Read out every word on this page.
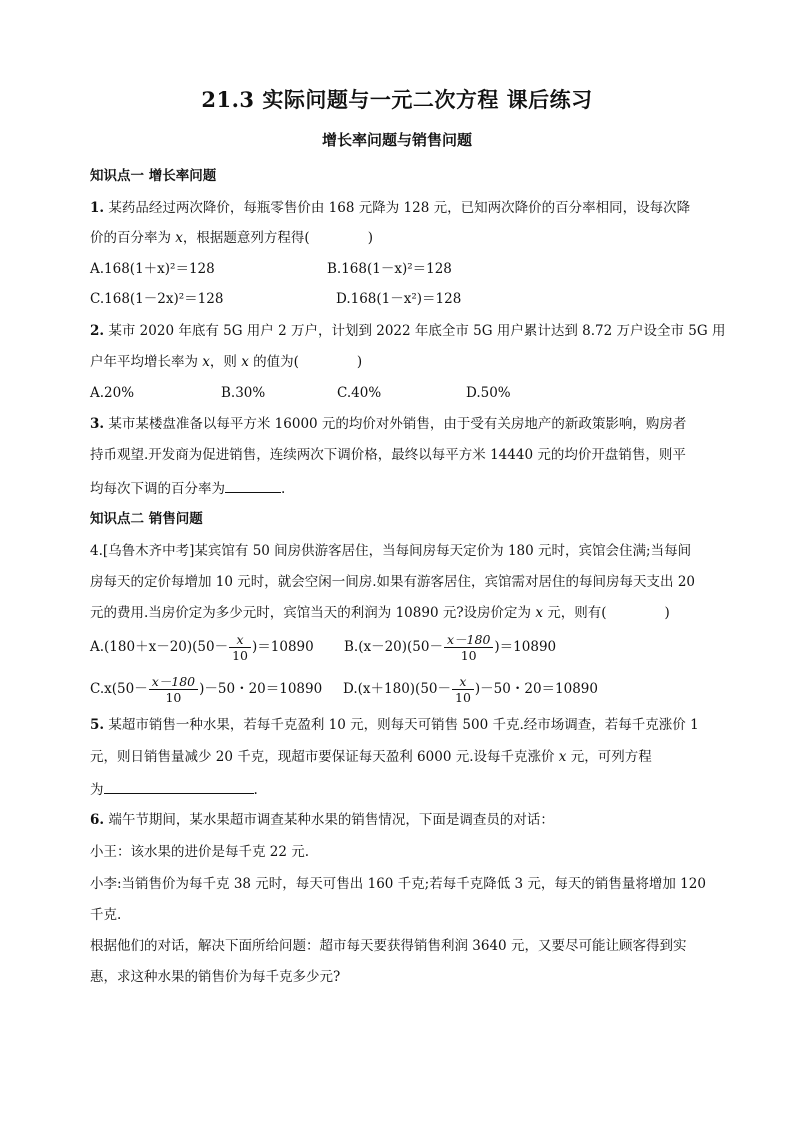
21.3 实际问题与一元二次方程 课后练习
增长率问题与销售问题
知识点一 增长率问题
1. 某药品经过两次降价，每瓶零售价由 168 元降为 128 元，已知两次降价的百分率相同，设每次降
价的百分率为 x，根据题意列方程得(	)
A.168(1＋x)²＝128	B.168(1－x)²＝128
C.168(1－2x)²＝128	D.168(1－x²)＝128
2. 某市 2020 年底有 5G 用户 2 万户，计划到 2022 年底全市 5G 用户累计达到 8.72 万户设全市 5G 用
户年平均增长率为 x，则 x 的值为(	)
A.20%	B.30%	C.40%	D.50%
3. 某市某楼盘准备以每平方米 16000 元的均价对外销售，由于受有关房地产的新政策影响，购房者
持币观望.开发商为促进销售，连续两次下调价格，最终以每平方米 14440 元的均价开盘销售，则平
均每次下调的百分率为	.
知识点二 销售问题
4.[乌鲁木齐中考]某宾馆有 50 间房供游客居住，当每间房每天定价为 180 元时，宾馆会住满;当每间
房每天的定价每增加 10 元时，就会空闲一间房.如果有游客居住，宾馆需对居住的每间房每天支出 20
元的费用.当房价定为多少元时，宾馆当天的利润为 10890 元?设房价定为 x 元，则有(	)
$A.(180+x-20)(50- \frac{x}{10} )=10890$ $B.(x-20)(50- \frac{x-180}{10} )=10890$
$C.x(50- \frac{x-180}{10} )-50$・20＝10890 $D.(x+180)(50- \frac{x}{10} )-50$・20＝10890
5. 某超市销售一种水果，若每千克盈利 10 元，则每天可销售 500 千克.经市场调查，若每千克涨价 1
元，则日销售量减少 20 千克，现超市要保证每天盈利 6000 元.设每千克涨价 x 元，可列方程
为	.
6. 端午节期间，某水果超市调查某种水果的销售情况，下面是调查员的对话：
小王：该水果的进价是每千克 22 元.
小李:当销售价为每千克 38 元时，每天可售出 160 千克;若每千克降低 3 元，每天的销售量将增加 120
千克.
根据他们的对话，解决下面所给问题：超市每天要获得销售利润 3640 元，又要尽可能让顾客得到实
惠，求这种水果的销售价为每千克多少元?
